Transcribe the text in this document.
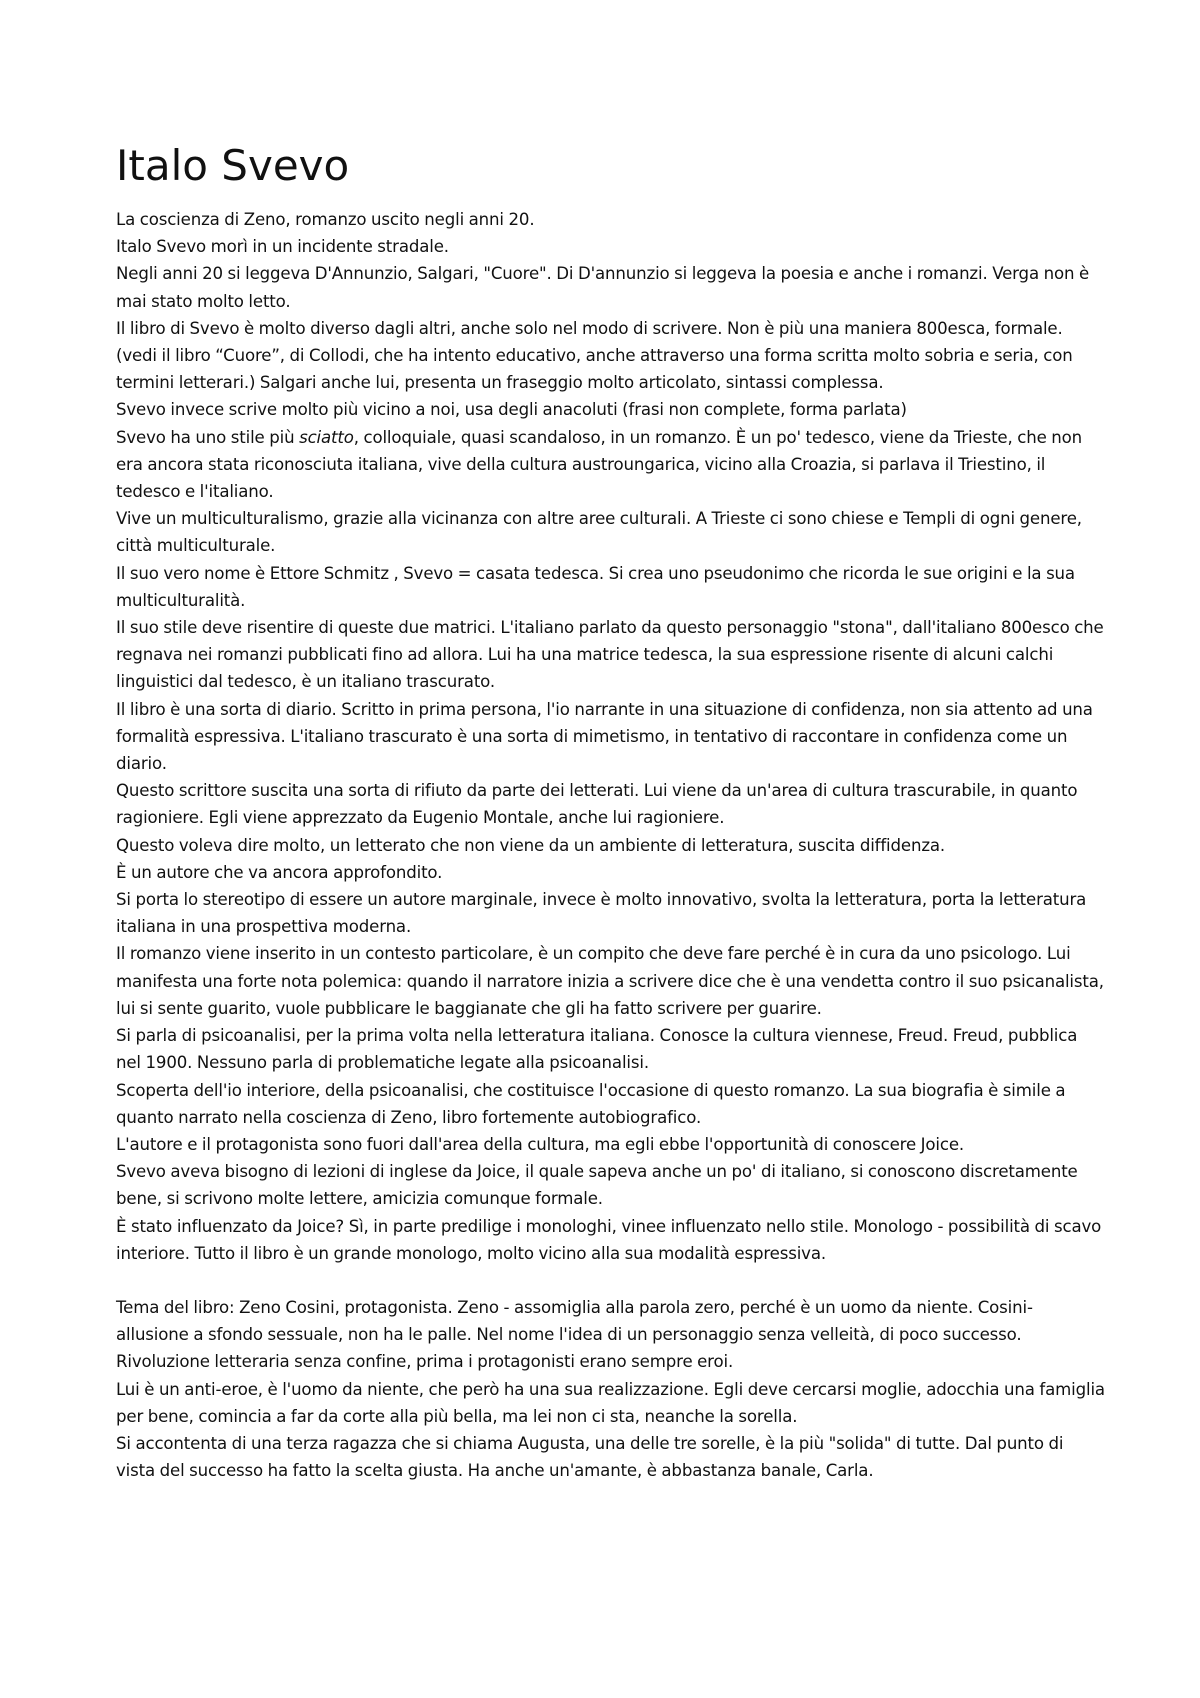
Italo Svevo

La coscienza di Zeno, romanzo uscito negli anni 20.

Italo Svevo morì in un incidente stradale.

Negli anni 20 si leggeva D'Annunzio, Salgari, "Cuore". Di D'annunzio si leggeva la poesia e anche i romanzi. Verga non è mai stato molto letto.

Il libro di Svevo è molto diverso dagli altri, anche solo nel modo di scrivere. Non è più una maniera 800esca, formale. (vedi il libro “Cuore”, di Collodi, che ha intento educativo, anche attraverso una forma scritta molto sobria e seria, con termini letterari.) Salgari anche lui, presenta un fraseggio molto articolato, sintassi complessa.

Svevo invece scrive molto più vicino a noi, usa degli anacoluti (frasi non complete, forma parlata)

Svevo ha uno stile più sciatto, colloquiale, quasi scandaloso, in un romanzo. È un po' tedesco, viene da Trieste, che non era ancora stata riconosciuta italiana, vive della cultura austroungarica, vicino alla Croazia, si parlava il Triestino, il tedesco e l'italiano.

Vive un multiculturalismo, grazie alla vicinanza con altre aree culturali. A Trieste ci sono chiese e Templi di ogni genere, città multiculturale.

Il suo vero nome è Ettore Schmitz , Svevo = casata tedesca. Si crea uno pseudonimo che ricorda le sue origini e la sua multiculturalità.

Il suo stile deve risentire di queste due matrici. L'italiano parlato da questo personaggio "stona", dall'italiano 800esco che regnava nei romanzi pubblicati fino ad allora. Lui ha una matrice tedesca, la sua espressione risente di alcuni calchi linguistici dal tedesco, è un italiano trascurato.

Il libro è una sorta di diario. Scritto in prima persona, l'io narrante in una situazione di confidenza, non sia attento ad una formalità espressiva. L'italiano trascurato è una sorta di mimetismo, in tentativo di raccontare in confidenza come un diario.

Questo scrittore suscita una sorta di rifiuto da parte dei letterati. Lui viene da un'area di cultura trascurabile, in quanto ragioniere. Egli viene apprezzato da Eugenio Montale, anche lui ragioniere.

Questo voleva dire molto, un letterato che non viene da un ambiente di letteratura, suscita diffidenza.

È un autore che va ancora approfondito.

Si porta lo stereotipo di essere un autore marginale, invece è molto innovativo, svolta la letteratura, porta la letteratura italiana in una prospettiva moderna.

Il romanzo viene inserito in un contesto particolare, è un compito che deve fare perché è in cura da uno psicologo. Lui manifesta una forte nota polemica: quando il narratore inizia a scrivere dice che è una vendetta contro il suo psicanalista, lui si sente guarito, vuole pubblicare le baggianate che gli ha fatto scrivere per guarire.

Si parla di psicoanalisi, per la prima volta nella letteratura italiana. Conosce la cultura viennese, Freud. Freud, pubblica nel 1900. Nessuno parla di problematiche legate alla psicoanalisi.

Scoperta dell'io interiore, della psicoanalisi, che costituisce l'occasione di questo romanzo. La sua biografia è simile a quanto narrato nella coscienza di Zeno, libro fortemente autobiografico.

L'autore e il protagonista sono fuori dall'area della cultura, ma egli ebbe l'opportunità di conoscere Joice.

Svevo aveva bisogno di lezioni di inglese da Joice, il quale sapeva anche un po' di italiano, si conoscono discretamente bene, si scrivono molte lettere, amicizia comunque formale.

È stato influenzato da Joice? Sì, in parte predilige i monologhi, vinee influenzato nello stile. Monologo - possibilità di scavo interiore. Tutto il libro è un grande monologo, molto vicino alla sua modalità espressiva.

Tema del libro: Zeno Cosini, protagonista. Zeno - assomiglia alla parola zero, perché è un uomo da niente. Cosini- allusione a sfondo sessuale, non ha le palle. Nel nome l'idea di un personaggio senza velleità, di poco successo. Rivoluzione letteraria senza confine, prima i protagonisti erano sempre eroi.

Lui è un anti-eroe, è l'uomo da niente, che però ha una sua realizzazione. Egli deve cercarsi moglie, adocchia una famiglia per bene, comincia a far da corte alla più bella, ma lei non ci sta, neanche la sorella.

Si accontenta di una terza ragazza che si chiama Augusta, una delle tre sorelle, è la più "solida" di tutte. Dal punto di vista del successo ha fatto la scelta giusta. Ha anche un'amante, è abbastanza banale, Carla.
